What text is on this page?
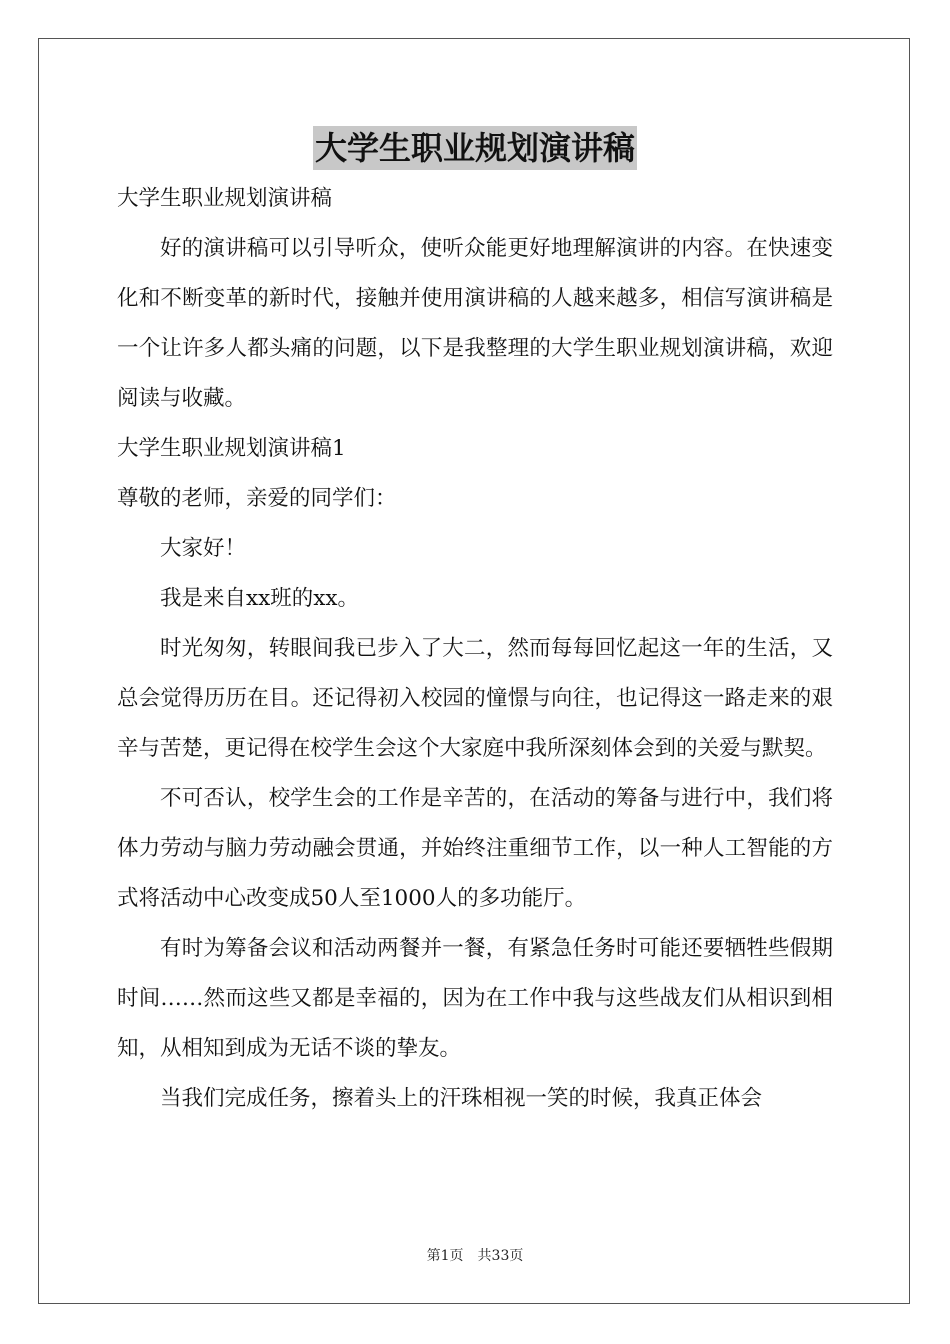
大学生职业规划演讲稿

大学生职业规划演讲稿

好的演讲稿可以引导听众，使听众能更好地理解演讲的内容。在快速变化和不断变革的新时代，接触并使用演讲稿的人越来越多，相信写演讲稿是一个让许多人都头痛的问题，以下是我整理的大学生职业规划演讲稿，欢迎阅读与收藏。

大学生职业规划演讲稿1

尊敬的老师，亲爱的同学们：

大家好！

我是来自xx班的xx。

时光匆匆，转眼间我已步入了大二，然而每每回忆起这一年的生活，又总会觉得历历在目。还记得初入校园的憧憬与向往，也记得这一路走来的艰辛与苦楚，更记得在校学生会这个大家庭中我所深刻体会到的关爱与默契。

不可否认，校学生会的工作是辛苦的，在活动的筹备与进行中，我们将体力劳动与脑力劳动融会贯通，并始终注重细节工作，以一种人工智能的方式将活动中心改变成50人至1000人的多功能厅。

有时为筹备会议和活动两餐并一餐，有紧急任务时可能还要牺牲些假期时间……然而这些又都是幸福的，因为在工作中我与这些战友们从相识到相知，从相知到成为无话不谈的挚友。

当我们完成任务，擦着头上的汗珠相视一笑的时候，我真正体会

第1页 共33页
